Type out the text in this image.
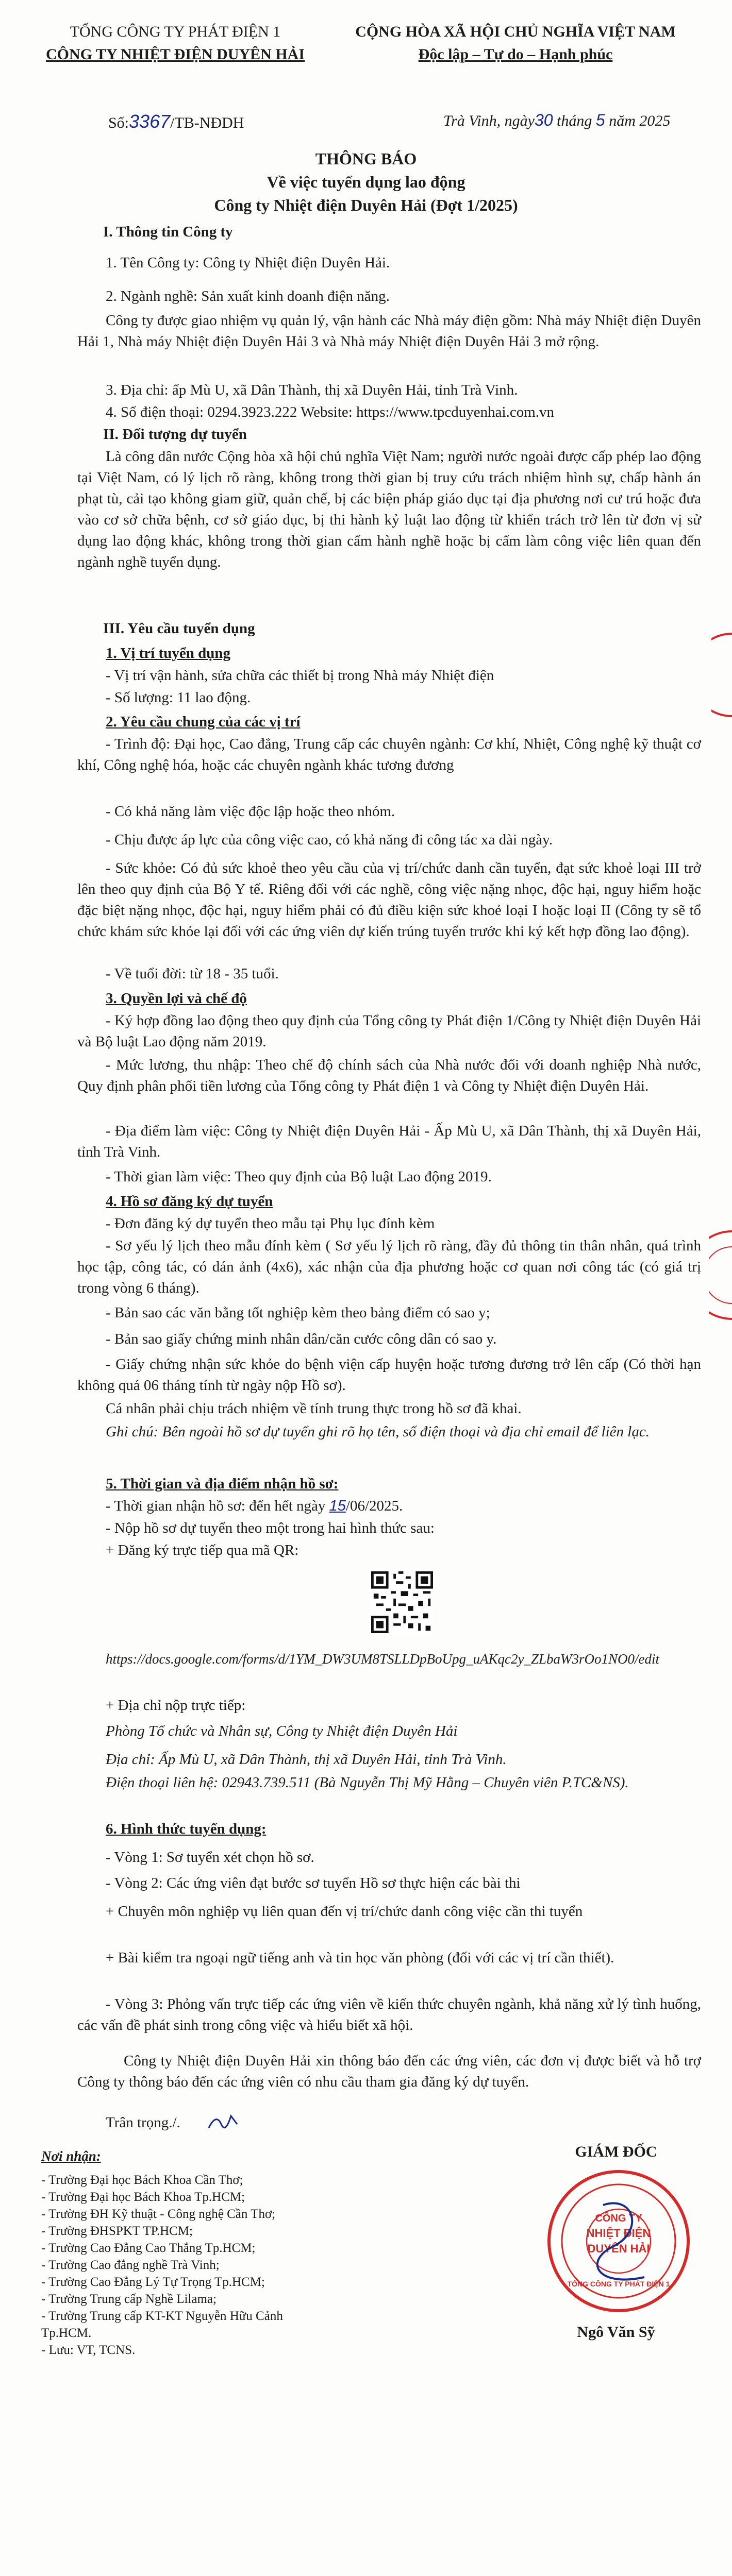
TỔNG CÔNG TY PHÁT ĐIỆN 1
CÔNG TY NHIỆT ĐIỆN DUYÊN HẢI
CỘNG HÒA XÃ HỘI CHỦ NGHĨA VIỆT NAM
Độc lập – Tự do – Hạnh phúc
Số:3367/TB-NĐDH	Trà Vinh, ngày30 tháng 5 năm 2025
THÔNG BÁO
Về việc tuyển dụng lao động
Công ty Nhiệt điện Duyên Hải (Đợt 1/2025)
I. Thông tin Công ty
1. Tên Công ty: Công ty Nhiệt điện Duyên Hải.
2. Ngành nghề: Sản xuất kinh doanh điện năng.
Công ty được giao nhiệm vụ quản lý, vận hành các Nhà máy điện gồm: Nhà máy Nhiệt điện Duyên Hải 1, Nhà máy Nhiệt điện Duyên Hải 3 và Nhà máy Nhiệt điện Duyên Hải 3 mở rộng.
3. Địa chỉ: ấp Mù U, xã Dân Thành, thị xã Duyên Hải, tỉnh Trà Vinh.
4. Số điện thoại: 0294.3923.222 Website: https://www.tpcduyenhai.com.vn
II. Đối tượng dự tuyển
Là công dân nước Cộng hòa xã hội chủ nghĩa Việt Nam; người nước ngoài được cấp phép lao động tại Việt Nam, có lý lịch rõ ràng, không trong thời gian bị truy cứu trách nhiệm hình sự, chấp hành án phạt tù, cải tạo không giam giữ, quản chế, bị các biện pháp giáo dục tại địa phương nơi cư trú hoặc đưa vào cơ sở chữa bệnh, cơ sở giáo dục, bị thi hành kỷ luật lao động từ khiển trách trở lên từ đơn vị sử dụng lao động khác, không trong thời gian cấm hành nghề hoặc bị cấm làm công việc liên quan đến ngành nghề tuyển dụng.
III. Yêu cầu tuyển dụng
1. Vị trí tuyển dụng
- Vị trí vận hành, sửa chữa các thiết bị trong Nhà máy Nhiệt điện
- Số lượng: 11 lao động.
2. Yêu cầu chung của các vị trí
- Trình độ: Đại học, Cao đẳng, Trung cấp các chuyên ngành: Cơ khí, Nhiệt, Công nghệ kỹ thuật cơ khí, Công nghệ hóa, hoặc các chuyên ngành khác tương đương
- Có khả năng làm việc độc lập hoặc theo nhóm.
- Chịu được áp lực của công việc cao, có khả năng đi công tác xa dài ngày.
- Sức khỏe: Có đủ sức khoẻ theo yêu cầu của vị trí/chức danh cần tuyển, đạt sức khoẻ loại III trở lên theo quy định của Bộ Y tế. Riêng đối với các nghề, công việc nặng nhọc, độc hại, nguy hiểm hoặc đặc biệt nặng nhọc, độc hại, nguy hiểm phải có đủ điều kiện sức khoẻ loại I hoặc loại II (Công ty sẽ tổ chức khám sức khỏe lại đối với các ứng viên dự kiến trúng tuyển trước khi ký kết hợp đồng lao động).
- Về tuổi đời: từ 18 - 35 tuổi.
3. Quyền lợi và chế độ
- Ký hợp đồng lao động theo quy định của Tổng công ty Phát điện 1/Công ty Nhiệt điện Duyên Hải và Bộ luật Lao động năm 2019.
- Mức lương, thu nhập: Theo chế độ chính sách của Nhà nước đối với doanh nghiệp Nhà nước, Quy định phân phối tiền lương của Tổng công ty Phát điện 1 và Công ty Nhiệt điện Duyên Hải.
- Địa điểm làm việc: Công ty Nhiệt điện Duyên Hải - Ấp Mù U, xã Dân Thành, thị xã Duyên Hải, tỉnh Trà Vinh.
- Thời gian làm việc: Theo quy định của Bộ luật Lao động 2019.
4. Hồ sơ đăng ký dự tuyển
- Đơn đăng ký dự tuyển theo mẫu tại Phụ lục đính kèm
- Sơ yếu lý lịch theo mẫu đính kèm ( Sơ yếu lý lịch rõ ràng, đầy đủ thông tin thân nhân, quá trình học tập, công tác, có dán ảnh (4x6), xác nhận của địa phương hoặc cơ quan nơi công tác (có giá trị trong vòng 6 tháng).
- Bản sao các văn bằng tốt nghiệp kèm theo bảng điểm có sao y;
- Bản sao giấy chứng minh nhân dân/căn cước công dân có sao y.
- Giấy chứng nhận sức khỏe do bệnh viện cấp huyện hoặc tương đương trở lên cấp (Có thời hạn không quá 06 tháng tính từ ngày nộp Hồ sơ).
Cá nhân phải chịu trách nhiệm về tính trung thực trong hồ sơ đã khai.
Ghi chú: Bên ngoài hồ sơ dự tuyển ghi rõ họ tên, số điện thoại và địa chỉ email để liên lạc.
5. Thời gian và địa điểm nhận hồ sơ:
- Thời gian nhận hồ sơ: đến hết ngày 15/06/2025.
- Nộp hồ sơ dự tuyển theo một trong hai hình thức sau:
+ Đăng ký trực tiếp qua mã QR:
https://docs.google.com/forms/d/1YM_DW3UM8TSLLDpBoUpg_uAKqc2y_ZLbaW3rOo1NO0/edit
+ Địa chỉ nộp trực tiếp:
Phòng Tổ chức và Nhân sự, Công ty Nhiệt điện Duyên Hải
Địa chỉ: Ấp Mù U, xã Dân Thành, thị xã Duyên Hải, tỉnh Trà Vinh.
Điện thoại liên hệ: 02943.739.511 (Bà Nguyễn Thị Mỹ Hằng – Chuyên viên P.TC&NS).
6. Hình thức tuyển dụng:
- Vòng 1: Sơ tuyển xét chọn hồ sơ.
- Vòng 2: Các ứng viên đạt bước sơ tuyển Hồ sơ thực hiện các bài thi
+ Chuyên môn nghiệp vụ liên quan đến vị trí/chức danh công việc cần thi tuyển
+ Bài kiểm tra ngoại ngữ tiếng anh và tin học văn phòng (đối với các vị trí cần thiết).
- Vòng 3: Phỏng vấn trực tiếp các ứng viên về kiến thức chuyên ngành, khả năng xử lý tình huống, các vấn đề phát sinh trong công việc và hiểu biết xã hội.
Công ty Nhiệt điện Duyên Hải xin thông báo đến các ứng viên, các đơn vị được biết và hỗ trợ Công ty thông báo đến các ứng viên có nhu cầu tham gia đăng ký dự tuyển.
Trân trọng./.
Nơi nhận:
- Trường Đại học Bách Khoa Cần Thơ;
- Trường Đại học Bách Khoa Tp.HCM;
- Trường ĐH Kỹ thuật - Công nghệ Cần Thơ;
- Trường ĐHSPKT TP.HCM;
- Trường Cao Đẳng Cao Thắng Tp.HCM;
- Trường Cao đẳng nghề Trà Vinh;
- Trường Cao Đẳng Lý Tự Trọng Tp.HCM;
- Trường Trung cấp Nghề Lilama;
- Trường Trung cấp KT-KT Nguyễn Hữu Cảnh Tp.HCM.
- Lưu: VT, TCNS.
GIÁM ĐỐC
CÔNG TY
NHIỆT ĐIỆN
DUYÊN HẢI
TỔNG CÔNG TY PHÁT ĐIỆN 1
Ngô Văn Sỹ
